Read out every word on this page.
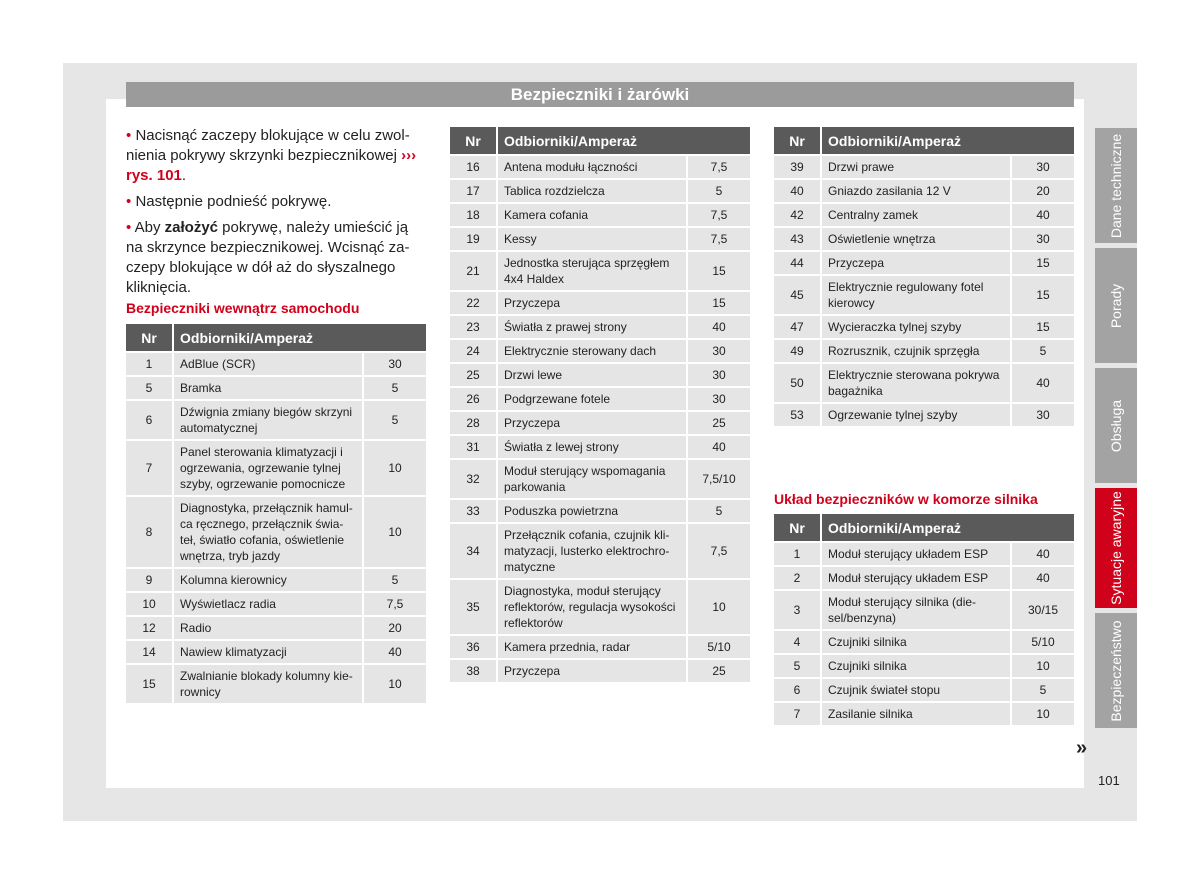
Bezpieczniki i żarówki

• Nacisnąć zaczepy blokujące w celu zwol-nienia pokrywy skrzynki bezpiecznikowej ››› rys. 101.

• Następnie podnieść pokrywę.

• Aby założyć pokrywę, należy umieścić ją na skrzynce bezpiecznikowej. Wcisnąć za-czepy blokujące w dół aż do słyszalnego kliknięcia.

Bezpieczniki wewnątrz samochodu
Nr	Odbiorniki/Amperaż	
1	AdBlue (SCR)	30
5	Bramka	5
6	Dźwignia zmiany biegów skrzyni automatycznej	5
7	Panel sterowania klimatyzacji i ogrzewania, ogrzewanie tylnej szyby, ogrzewanie pomocnicze	10
8	Diagnostyka, przełącznik hamul-ca ręcznego, przełącznik świa-teł, światło cofania, oświetlenie wnętrza, tryb jazdy	10
9	Kolumna kierownicy	5
10	Wyświetlacz radia	7,5
12	Radio	20
14	Nawiew klimatyzacji	40
15	Zwalnianie blokady kolumny kie-rownicy	10
Nr	Odbiorniki/Amperaż	
16	Antena modułu łączności	7,5
17	Tablica rozdzielcza	5
18	Kamera cofania	7,5
19	Kessy	7,5
21	Jednostka sterująca sprzęgłem 4x4 Haldex	15
22	Przyczepa	15
23	Światła z prawej strony	40
24	Elektrycznie sterowany dach	30
25	Drzwi lewe	30
26	Podgrzewane fotele	30
28	Przyczepa	25
31	Światła z lewej strony	40
32	Moduł sterujący wspomagania parkowania	7,5/10
33	Poduszka powietrzna	5
34	Przełącznik cofania, czujnik kli-matyzacji, lusterko elektrochro-matyczne	7,5
35	Diagnostyka, moduł sterujący reflektorów, regulacja wysokości reflektorów	10
36	Kamera przednia, radar	5/10
38	Przyczepa	25
Nr	Odbiorniki/Amperaż	
39	Drzwi prawe	30
40	Gniazdo zasilania 12 V	20
42	Centralny zamek	40
43	Oświetlenie wnętrza	30
44	Przyczepa	15
45	Elektrycznie regulowany fotel kierowcy	15
47	Wycieraczka tylnej szyby	15
49	Rozrusznik, czujnik sprzęgła	5
50	Elektrycznie sterowana pokrywa bagażnika	40
53	Ogrzewanie tylnej szyby	30
Układ bezpieczników w komorze silnika
Nr	Odbiorniki/Amperaż	
1	Moduł sterujący układem ESP	40
2	Moduł sterujący układem ESP	40
3	Moduł sterujący silnika (die-sel/benzyna)	30/15
4	Czujniki silnika	5/10
5	Czujniki silnika	10
6	Czujnik świateł stopu	5
7	Zasilanie silnika	10
Dane techniczne
Porady
Obsługa
Sytuacje awaryjne
Bezpieczeństwo
»
101
